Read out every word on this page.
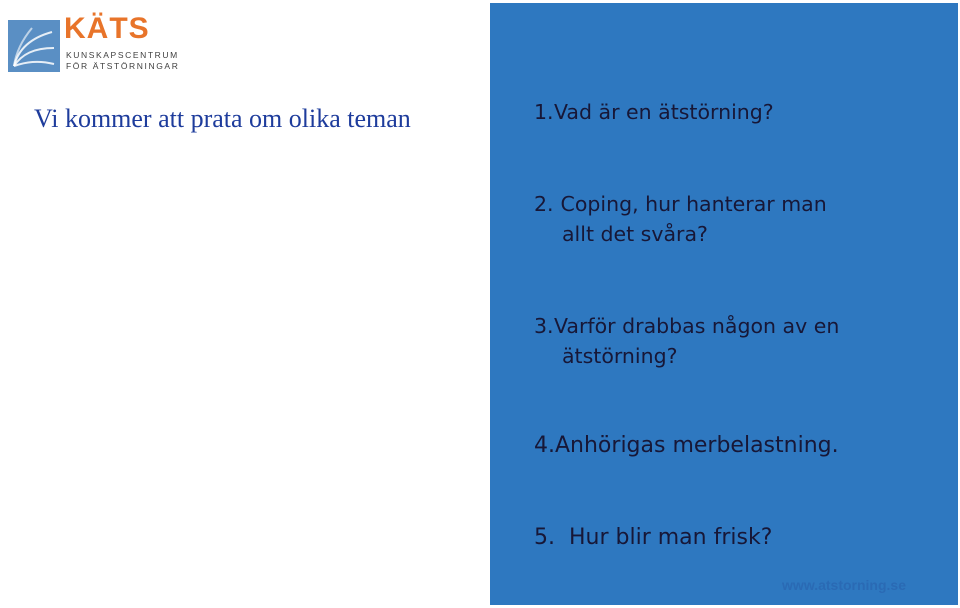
KÄTS
KUNSKAPSCENTRUM
FÖR ÄTSTÖRNINGAR
Vi kommer att prata om olika teman	1.Vad är en ätstörning?
2. Coping, hur hanterar man
allt det svåra?
3.Varför drabbas någon av en
ätstörning?
4.Anhörigas merbelastning.
5. Hur blir man frisk?
www.atstorning.se
